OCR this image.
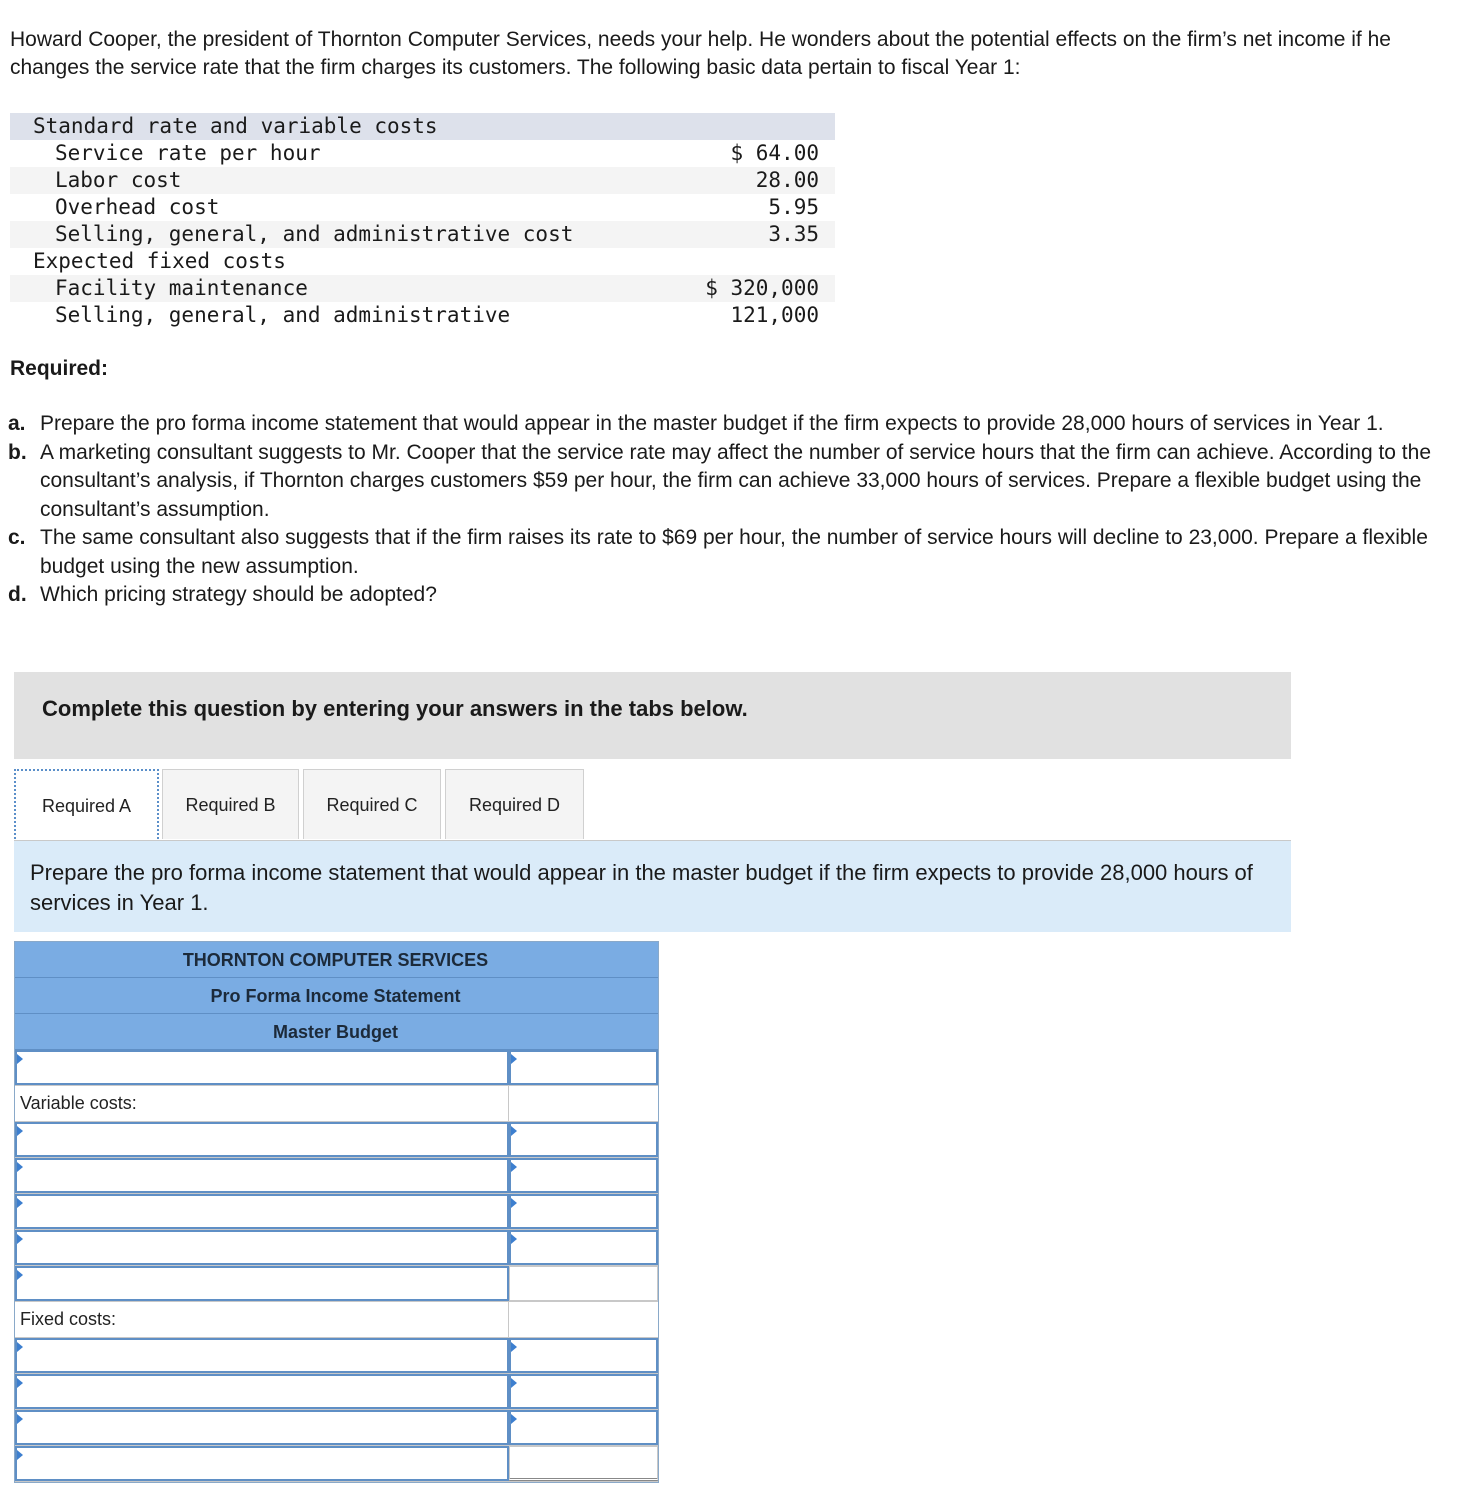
Howard Cooper, the president of Thornton Computer Services, needs your help. He wonders about the potential effects on the firm’s net income if he changes the service rate that the firm charges its customers. The following basic data pertain to fiscal Year 1:

Standard rate and variable costs	
Service rate per hour	$ 64.00
Labor cost	28.00
Overhead cost	5.95
Selling, general, and administrative cost	3.35
Expected fixed costs	
Facility maintenance	$ 320,000
Selling, general, and administrative	121,000

Required:

a. Prepare the pro forma income statement that would appear in the master budget if the firm expects to provide 28,000 hours of services in Year 1.
b. A marketing consultant suggests to Mr. Cooper that the service rate may affect the number of service hours that the firm can achieve. According to the consultant’s analysis, if Thornton charges customers $59 per hour, the firm can achieve 33,000 hours of services. Prepare a flexible budget using the consultant’s assumption.
c. The same consultant also suggests that if the firm raises its rate to $69 per hour, the number of service hours will decline to 23,000. Prepare a flexible budget using the new assumption.
d. Which pricing strategy should be adopted?
Complete this question by entering your answers in the tabs below.
Required A	Required B	Required C	Required D
Prepare the pro forma income statement that would appear in the master budget if the firm expects to provide 28,000 hours of services in Year 1.
THORNTON COMPUTER SERVICES
Pro Forma Income Statement
Master Budget
Variable costs:
Fixed costs:
